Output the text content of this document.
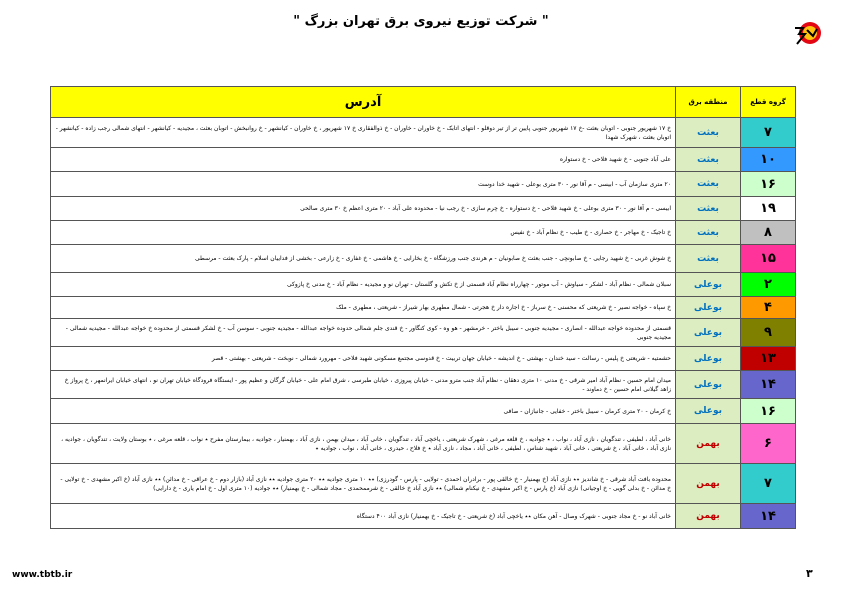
" شرکت توزیع نیروی برق تهران بزرگ "
گروه قطع	منطقه برق	آدرس
۷	بعثت	خ ۱۷ شهریور جنوبی - اتوبان بعثت -خ ۱۷ شهریور جنوبی پایین تر از تیر دوقلو - انتهای اتابک - خ خاوران - خاوران - خ ذوالفقاری خ ۱۷ شهریور ، خ خاوران - کیانشهر - خ روانبخش - اتوبان بعثت ، مجیدیه - کیانشهر - انتهای شمالی رجب زاده - کیانشهر - اتوبان بعثت ، شهرک شهدا
۱۰	بعثت	علی آباد جنوبی - خ شهید فلاحی - خ دستواره
۱۶	بعثت	۲۰ متری سازمان آب - ابیسی - م آقا نور - ۳۰ متری بوعلی - شهید خدا دوست
۱۹	بعثت	ابیسی - م آقا نور - ۳۰ متری بوعلی - خ شهید فلاحی - خ دستواره - خ چرم سازی - خ رجب نیا - محدوده علی آباد - ۲۰ متری اعظم خ ۳۰ متری صالحی
۸	بعثت	خ تاجیک - خ مهاجر - خ حصاری - خ طیب - خ نظام آباد - خ نفیس
۱۵	بعثت	خ شوش غربی - خ شهید رجایی - خ صابونچی - جنب بعثت خ صابونیان - م هرندی جنب ورزشگاه - خ بخارایی - خ هاشمی - خ غفاری - خ زارعی - بخشی از فداییان اسلام - پارک بعثت - مرسطی
۲	بوعلی	سبلان شمالی - نظام آباد - لشکر - سیاوش - آب موتور - چهارراه نظام آباد قسمتی از خ تکش و گلستان - تهران نو و مجیدیه - نظام آباد - خ مدنی خ پازوکی
۴	بوعلی	خ سپاه - خواجه نصیر - خ شریعتی که محسنی - خ سرباز - خ اجاره دار خ هجرتی - شمال مطهری بهار شیراز - شریعتی ، مطهری - ملک
۹	بوعلی	قسمتی از محدوده خواجه عبدالله - انصاری - مجیدیه جنوبی - سیبل باختر - خرمشهر - هو وه - کوی کنگاور - خ قندی جلم شمالی حدوده خواجه عبدالله - مجیدیه جنوبی - سوسن آب - خ لشکر قسمتی از محدوده خ خواجه عبدالله - مجیدیه شمالی - مجیدیه جنوبی
۱۳	بوعلی	حشمتیه - شریعتی خ پلیس - رسالت - سید خندان - بهشتی - خ اندیشه - خیابان جهان تربیت - خ قدوسی مجتمع مسکونی شهید فلاحی - مهرورد شمالی - نوبخت - شریعتی - بهشتی - قصر
۱۴	بوعلی	میدان امام حسین - نظام آباد امیر شرقی - خ مدنی ۱۰ متری دهقان - نظام آباد جنب مترو مدنی - خیابان پیروزی ، خیابان طبرسی ، شرق امام علی - خیابان گرگان و عظیم پور - ایستگاه فرودگاه خیابان تهران نو ، انتهای خیابان ایرانمهر ، خ پرواز خ زاهد گیلانی امام حسین - خ دماوند -
۱۶	بوعلی	خ کرمان - ۲۰ متری کرمان - سیبل باختر - خفایی - جانبازان - صافی
۶	بهمن	خانی آباد ، لطیفی ، تندگویان ، نازی آباد ، نواب ، ٭ جوادیه ، خ قلعه مرغی ، شهرک شریعتی ، یاخچی آباد ، تندگویان ، خانی آباد ، میدان بهمن ، نازی آباد ، بهمنیار ، جوادیه ، بیمارستان مفرح ٭ نواب ، قلعه مرغی ، ٭ بوستان ولایت ، تندگویان ، جوادیه ، نازی آباد ، خانی آباد ، خ شریعتی ، خانی آباد ، شهید شناس ، لطیفی ، خانی آباد ، مجاد ، نازی آباد ٭ خ فلاح ، حیدری ، خانی آباد ، نواب ، جوادیه ٭
۷	بهمن	محدوده بافت آباد شرقی - خ شاندیز ٭٭ نازی آباد (خ بهمنیار - خ خالقی پور - برادران احمدی - تولایی - پارس - گودرزی) ٭٭ ۱۰ متری جوادیه ٭٭ ۲۰ متری جوادیه ٭٭ نازی آباد (بازار دوم - خ عراقی - خ مدائن) ٭٭ نازی آباد (خ اکبر مشهدی - خ تولایی - خ مدائن - خ بدلی گویی - خ اوجیانی) نازی آباد (خ پارس - خ اکبر مشهدی - خ نیکنام شمالی) ٭٭ نازی آباد خ خالقی - خ شرممحمدی - مجاد شمالی - خ بهمنیار) ٭٭ جوادیه (۱۰ متری اول - خ امام یاری - خ دارایی)
۱۴	بهمن	خانی آباد نو - خ مجاد جنوبی - شهرک وصال - آهن مکان ٭٭ یاخچی آباد (خ شریعتی - خ تاجیک - خ بهمنیار) نازی آباد ۴۰۰ دستگاه
www.tbtb.ir	۳
